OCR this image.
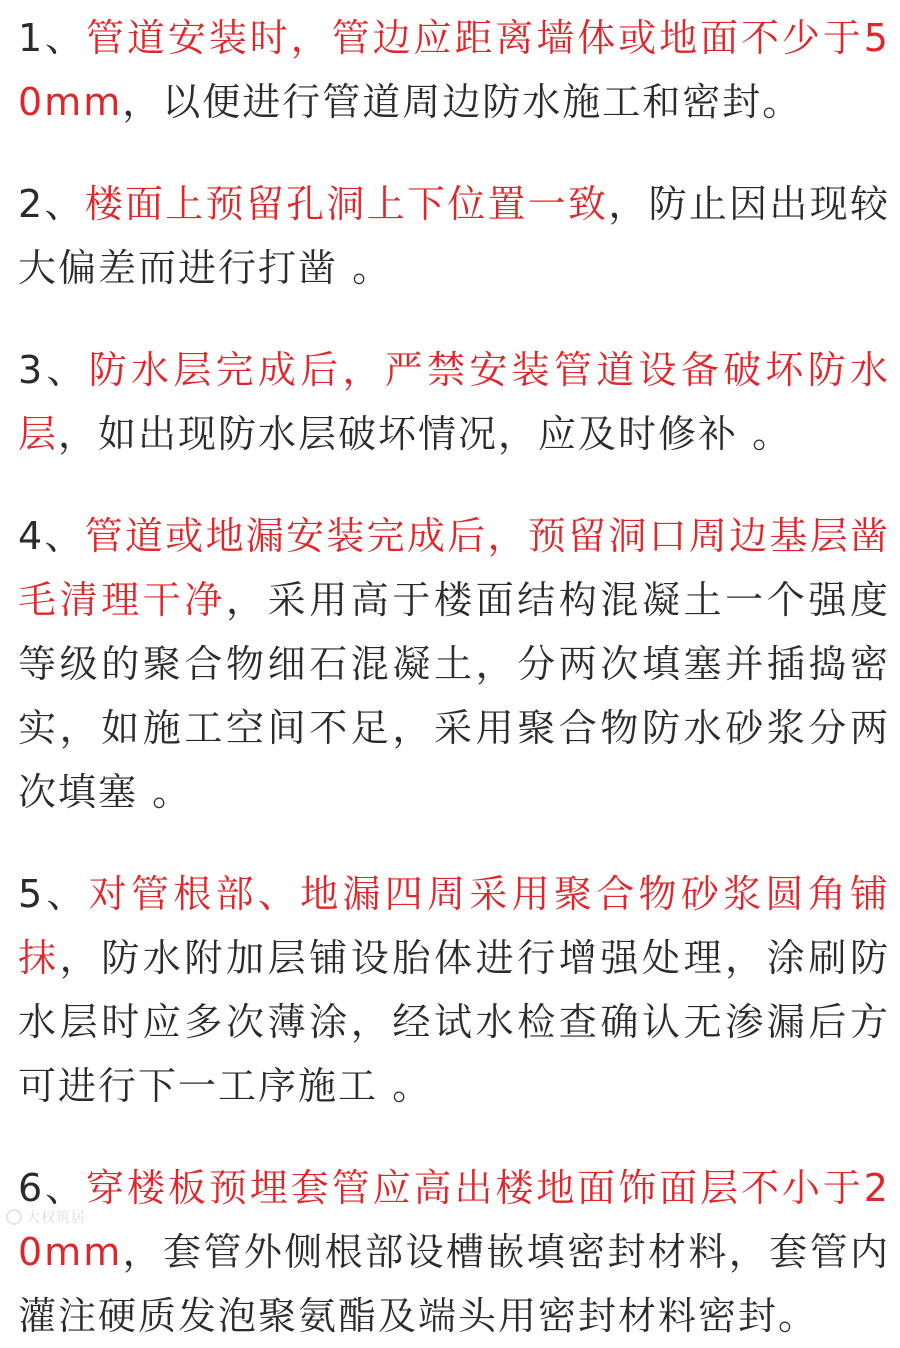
1、管道安装时，管边应距离墙体或地面不少于50mm，以便进行管道周边防水施工和密封。

2、楼面上预留孔洞上下位置一致，防止因出现较大偏差而进行打凿 。

3、防水层完成后，严禁安装管道设备破坏防水层，如出现防水层破坏情况，应及时修补 。

4、管道或地漏安装完成后，预留洞口周边基层凿毛清理干净，采用高于楼面结构混凝土一个强度等级的聚合物细石混凝土，分两次填塞并插捣密实，如施工空间不足，采用聚合物防水砂浆分两次填塞 。

5、对管根部、地漏四周采用聚合物砂浆圆角铺抹，防水附加层铺设胎体进行增强处理，涂刷防水层时应多次薄涂，经试水检查确认无渗漏后方可进行下一工序施工 。

6、穿楼板预埋套管应高出楼地面饰面层不小于20mm，套管外侧根部设槽嵌填密封材料，套管内灌注硬质发泡聚氨酯及端头用密封材料密封。

大权筑居
